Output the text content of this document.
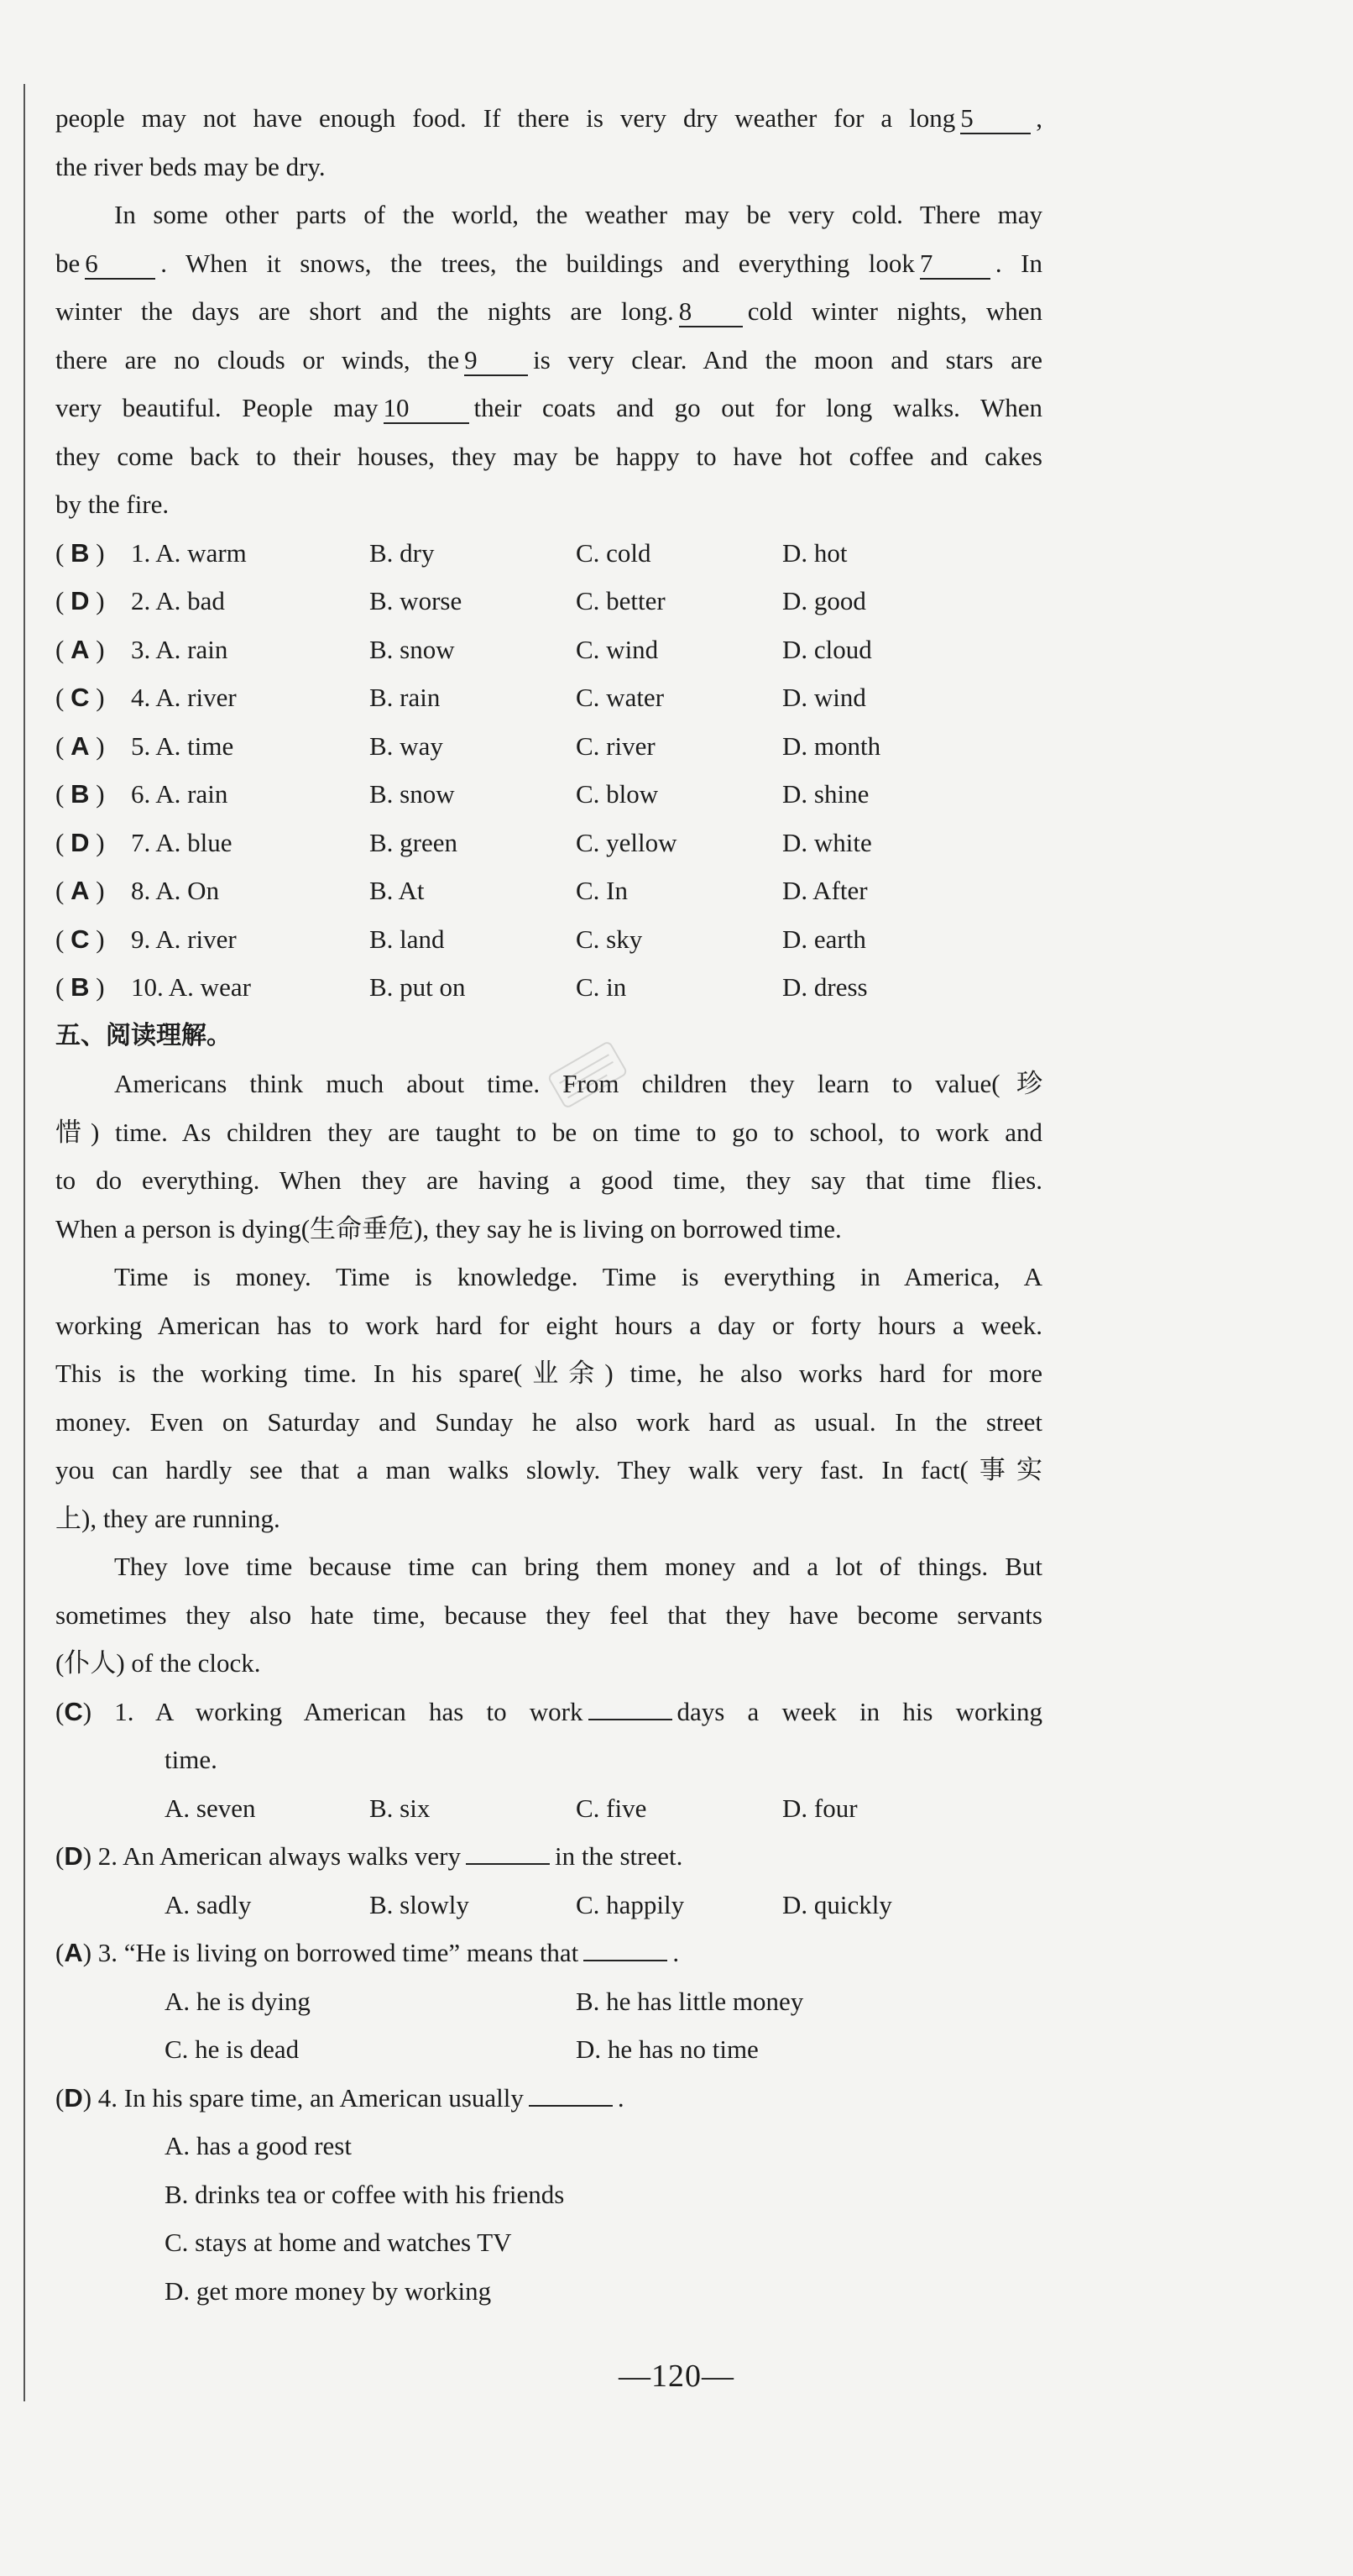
people may not have enough food. If there is very dry weather for a long 5 ,
the river beds may be dry.
In some other parts of the world, the weather may be very cold. There may
be 6 . When it snows, the trees, the buildings and everything look 7 . In
winter the days are short and the nights are long. 8 cold winter nights, when
there are no clouds or winds, the 9 is very clear. And the moon and stars are
very beautiful. People may 10 their coats and go out for long walks. When
they come back to their houses, they may be happy to have hot coffee and cakes
by the fire.
( B ) 1. A. warm	B. dry	C. cold	D. hot
( D ) 2. A. bad	B. worse	C. better	D. good
( A ) 3. A. rain	B. snow	C. wind	D. cloud
( C ) 4. A. river	B. rain	C. water	D. wind
( A ) 5. A. time	B. way	C. river	D. month
( B ) 6. A. rain	B. snow	C. blow	D. shine
( D ) 7. A. blue	B. green	C. yellow	D. white
( A ) 8. A. On	B. At	C. In	D. After
( C ) 9. A. river	B. land	C. sky	D. earth
( B ) 10. A. wear	B. put on	C. in	D. dress
五、阅读理解。
Americans think much about time. From children they learn to value(珍
惜) time. As children they are taught to be on time to go to school, to work and
to do everything. When they are having a good time, they say that time flies.
When a person is dying(生命垂危), they say he is living on borrowed time.
Time is money. Time is knowledge. Time is everything in America, A
working American has to work hard for eight hours a day or forty hours a week.
This is the working time. In his spare(业余) time, he also works hard for more
money. Even on Saturday and Sunday he also work hard as usual. In the street
you can hardly see that a man walks slowly. They walk very fast. In fact(事实
上), they are running.
They love time because time can bring them money and a lot of things. But
sometimes they also hate time, because they feel that they have become servants
(仆人) of the clock.
(C) 1. A working American has to work	days a week in his working
time.
A. seven	B. six	C. five	D. four
(D) 2. An American always walks very	in the street.
A. sadly	B. slowly	C. happily	D. quickly
(A) 3. “He is living on borrowed time” means that	.
A. he is dying	B. he has little money
C. he is dead	D. he has no time
(D) 4. In his spare time, an American usually	.
A. has a good rest
B. drinks tea or coffee with his friends
C. stays at home and watches TV
D. get more money by working
—120—
